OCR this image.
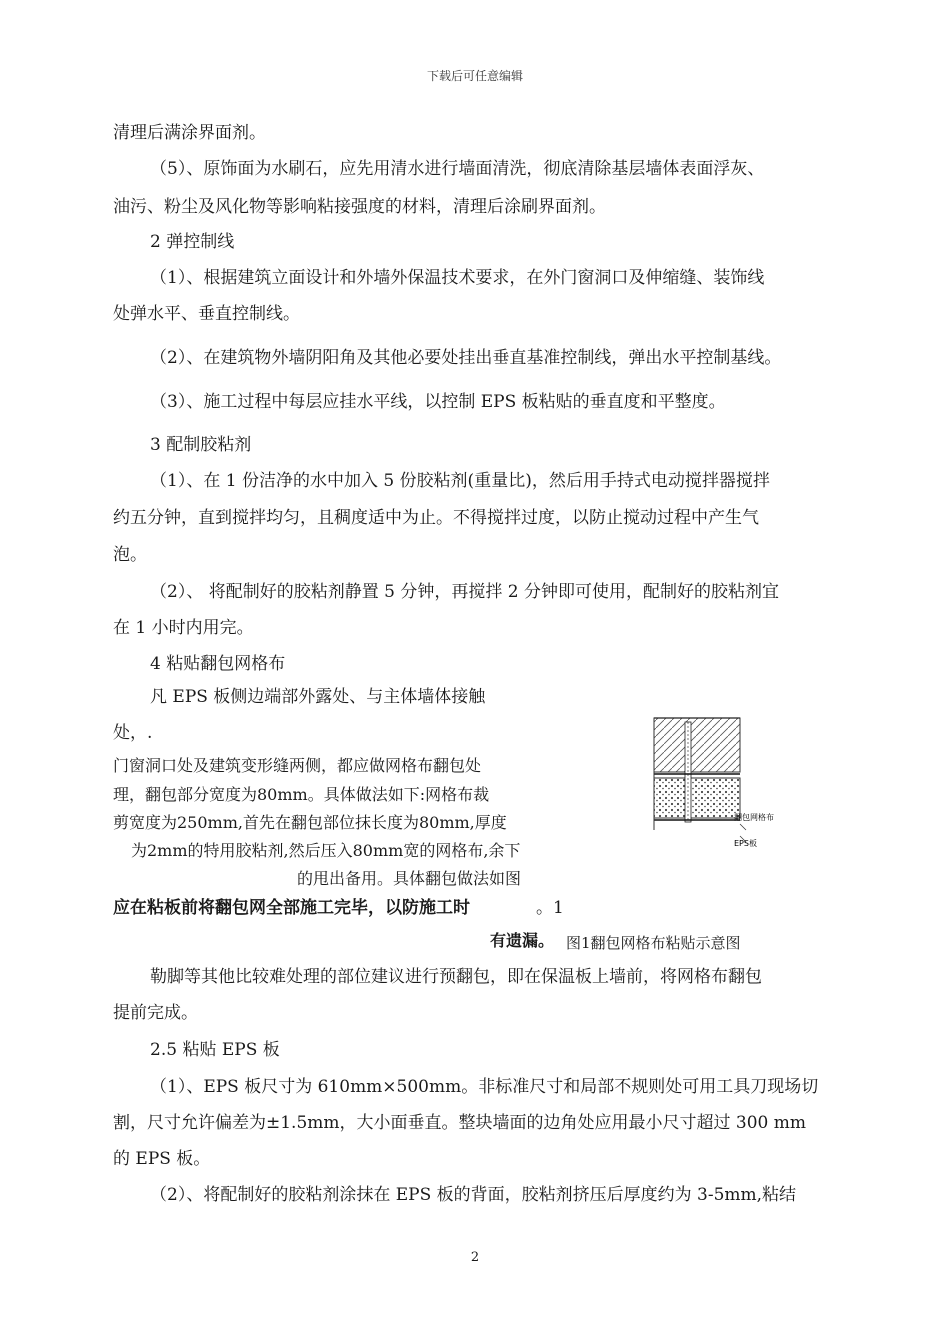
下载后可任意编辑
清理后满涂界面剂。
（5）、原饰面为水刷石，应先用清水进行墙面清洗，彻底清除基层墙体表面浮灰、
油污、粉尘及风化物等影响粘接强度的材料，清理后涂刷界面剂。
2 弹控制线
（1）、根据建筑立面设计和外墙外保温技术要求，在外门窗洞口及伸缩缝、装饰线
处弹水平、垂直控制线。
（2）、在建筑物外墙阴阳角及其他必要处挂出垂直基准控制线，弹出水平控制基线。
（3）、施工过程中每层应挂水平线，以控制 EPS 板粘贴的垂直度和平整度。
3 配制胶粘剂
（1）、在 1 份洁净的水中加入 5 份胶粘剂(重量比)，然后用手持式电动搅拌器搅拌
约五分钟，直到搅拌均匀，且稠度适中为止。不得搅拌过度，以防止搅动过程中产生气
泡。
（2）、 将配制好的胶粘剂静置 5 分钟，再搅拌 2 分钟即可使用，配制好的胶粘剂宜
在 1 小时内用完。
4 粘贴翻包网格布
凡 EPS 板侧边端部外露处、与主体墙体接触
处，.
门窗洞口处及建筑变形缝两侧，都应做网格布翻包处
理，翻包部分宽度为80mm。具体做法如下:网格布裁
剪宽度为250mm,首先在翻包部位抹长度为80mm,厚度
为2mm的特用胶粘剂,然后压入80mm宽的网格布,余下
的甩出备用。具体翻包做法如图
应在粘板前将翻包网全部施工完毕，以防施工时	。1
有遗漏。 图1翻包网格布粘贴示意图
勒脚等其他比较难处理的部位建议进行预翻包，即在保温板上墙前，将网格布翻包
提前完成。
2.5 粘贴 EPS 板
（1）、EPS 板尺寸为 610mm×500mm。非标准尺寸和局部不规则处可用工具刀现场切
割，尺寸允许偏差为±1.5mm，大小面垂直。整块墙面的边角处应用最小尺寸超过 300 mm
的 EPS 板。
（2）、将配制好的胶粘剂涂抹在 EPS 板的背面，胶粘剂挤压后厚度约为 3-5mm,粘结
翻包网格布
EPS板
2
